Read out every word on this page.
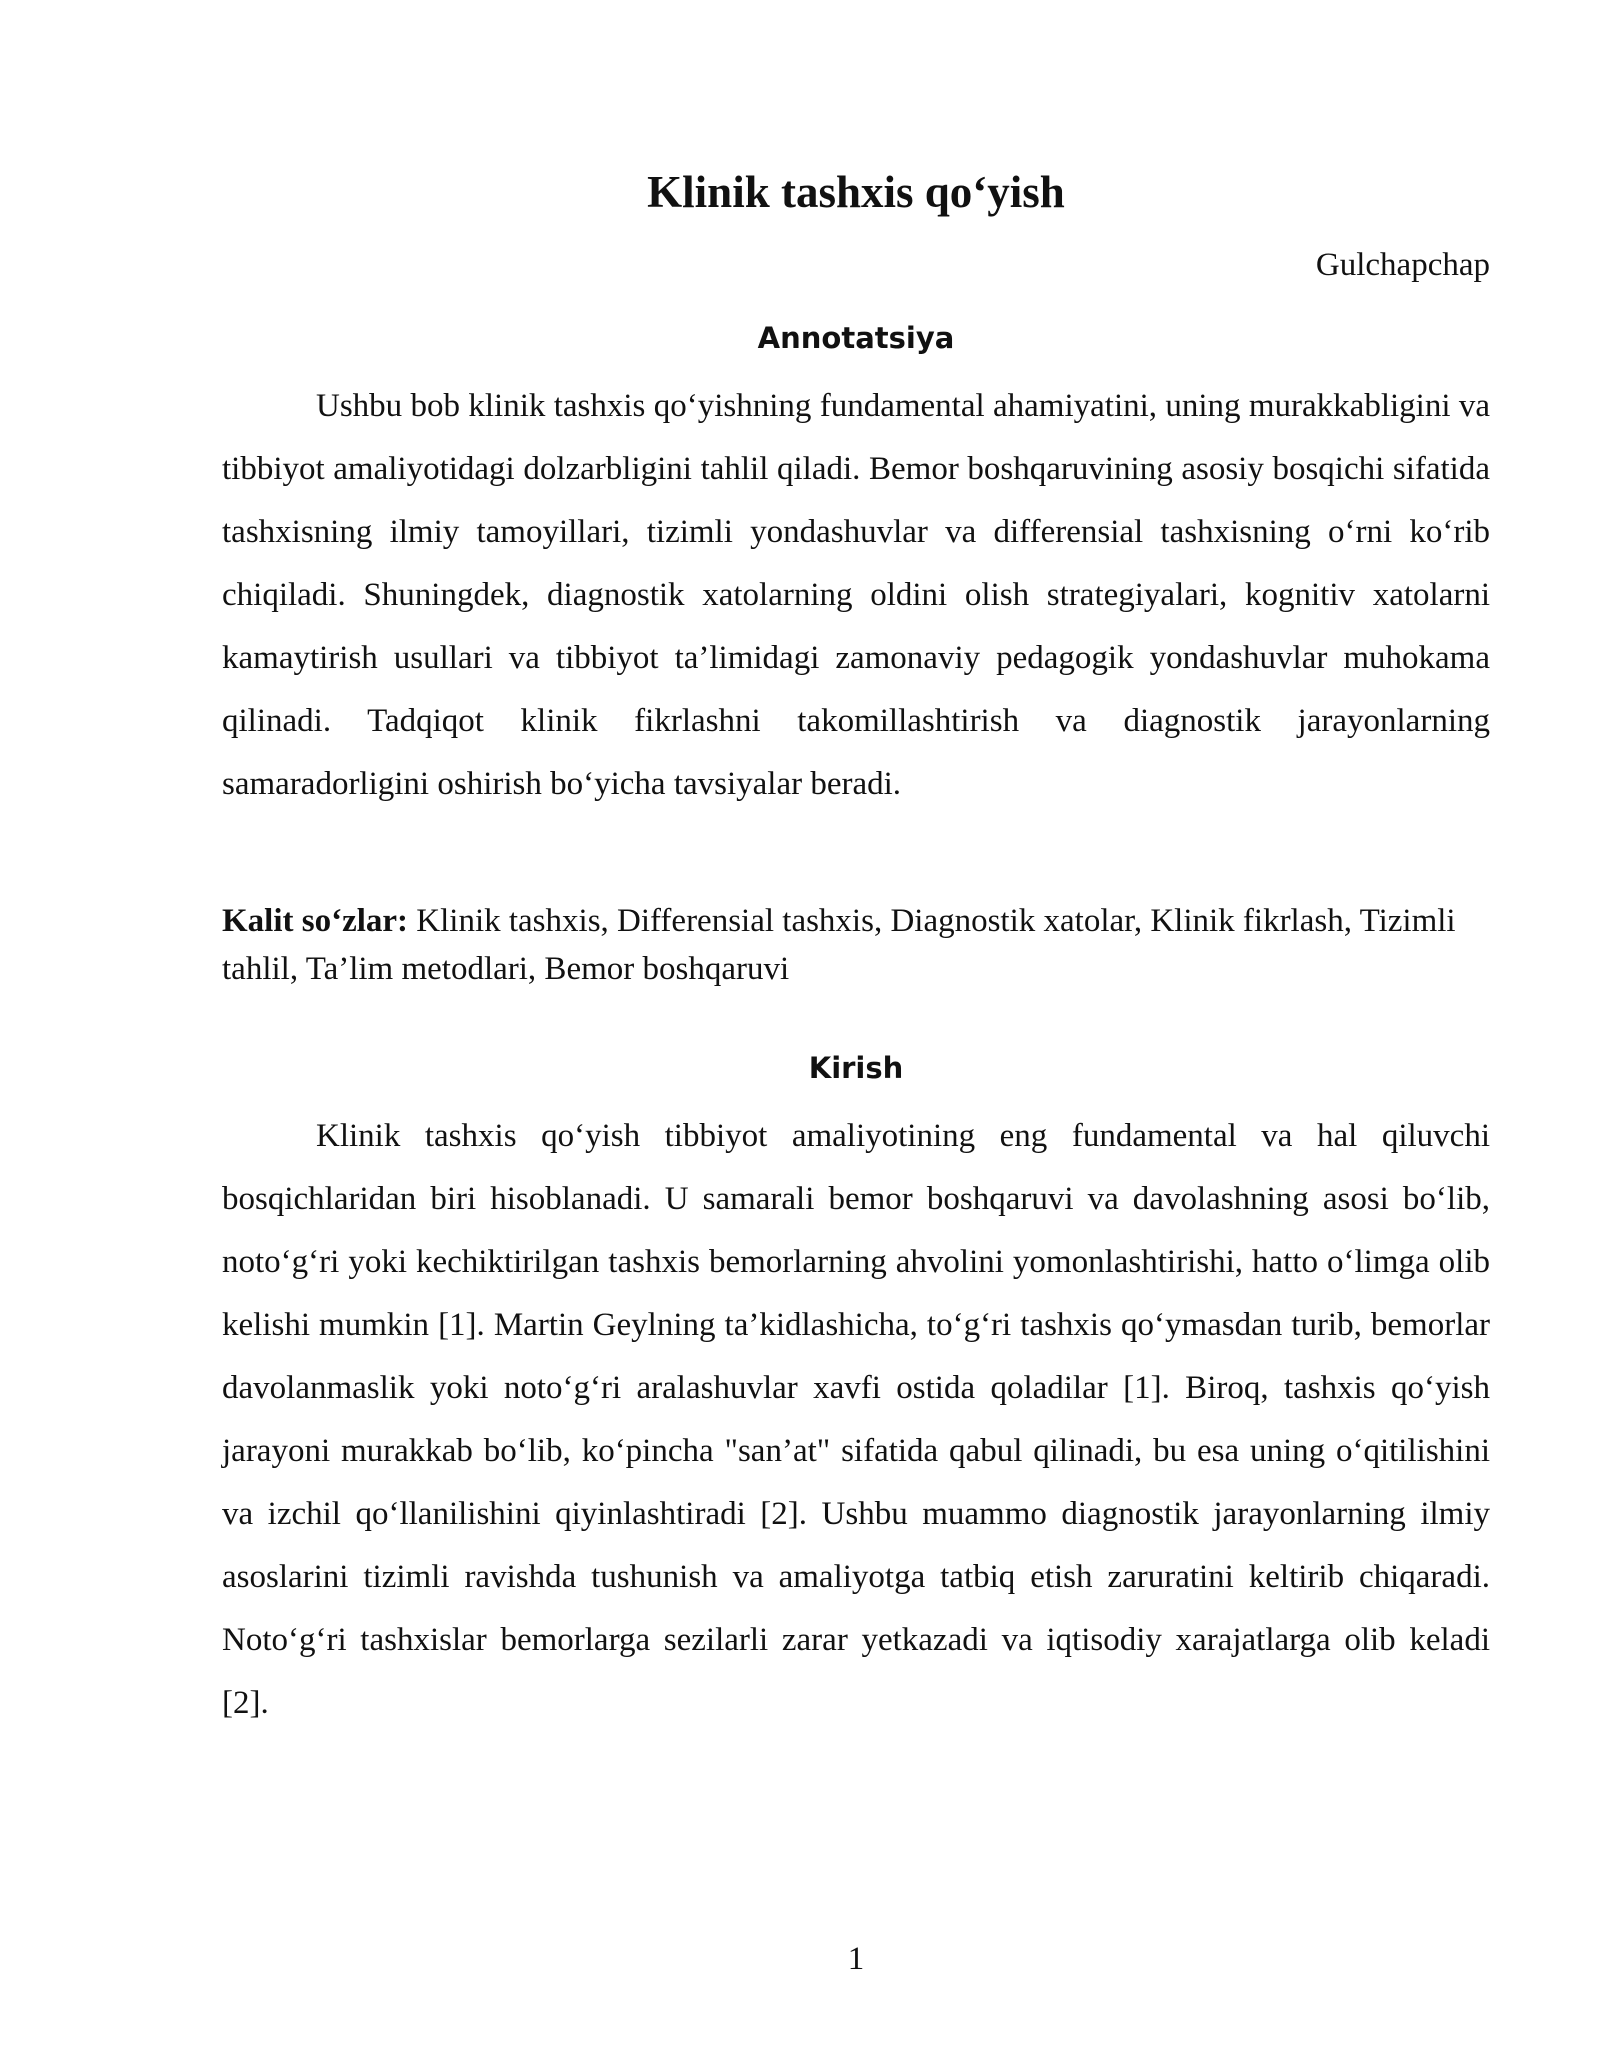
Klinik tashxis qo‘yish

Gulchapchap

Annotatsiya

Ushbu bob klinik tashxis qo‘yishning fundamental ahamiyatini, uning murakkabligini va tibbiyot amaliyotidagi dolzarbligini tahlil qiladi. Bemor boshqaruvining asosiy bosqichi sifatida tashxisning ilmiy tamoyillari, tizimli yondashuvlar va differensial tashxisning o‘rni ko‘rib chiqiladi. Shuningdek, diagnostik xatolarning oldini olish strategiyalari, kognitiv xatolarni kamaytirish usullari va tibbiyot ta’limidagi zamonaviy pedagogik yondashuvlar muhokama qilinadi. Tadqiqot klinik fikrlashni takomillashtirish va diagnostik jarayonlarning samaradorligini oshirish bo‘yicha tavsiyalar beradi.

Kalit so‘zlar: Klinik tashxis, Differensial tashxis, Diagnostik xatolar, Klinik fikrlash, Tizimli tahlil, Ta’lim metodlari, Bemor boshqaruvi

Kirish

Klinik tashxis qo‘yish tibbiyot amaliyotining eng fundamental va hal qiluvchi bosqichlaridan biri hisoblanadi. U samarali bemor boshqaruvi va davolashning asosi bo‘lib, noto‘g‘ri yoki kechiktirilgan tashxis bemorlarning ahvolini yomonlashtirishi, hatto o‘limga olib kelishi mumkin [1]. Martin Geylning ta’kidlashicha, to‘g‘ri tashxis qo‘ymasdan turib, bemorlar davolanmaslik yoki noto‘g‘ri aralashuvlar xavfi ostida qoladilar [1]. Biroq, tashxis qo‘yish jarayoni murakkab bo‘lib, ko‘pincha "san’at" sifatida qabul qilinadi, bu esa uning o‘qitilishini va izchil qo‘llanilishini qiyinlashtiradi [2]. Ushbu muammo diagnostik jarayonlarning ilmiy asoslarini tizimli ravishda tushunish va amaliyotga tatbiq etish zaruratini keltirib chiqaradi. Noto‘g‘ri tashxislar bemorlarga sezilarli zarar yetkazadi va iqtisodiy xarajatlarga olib keladi [2].

1
